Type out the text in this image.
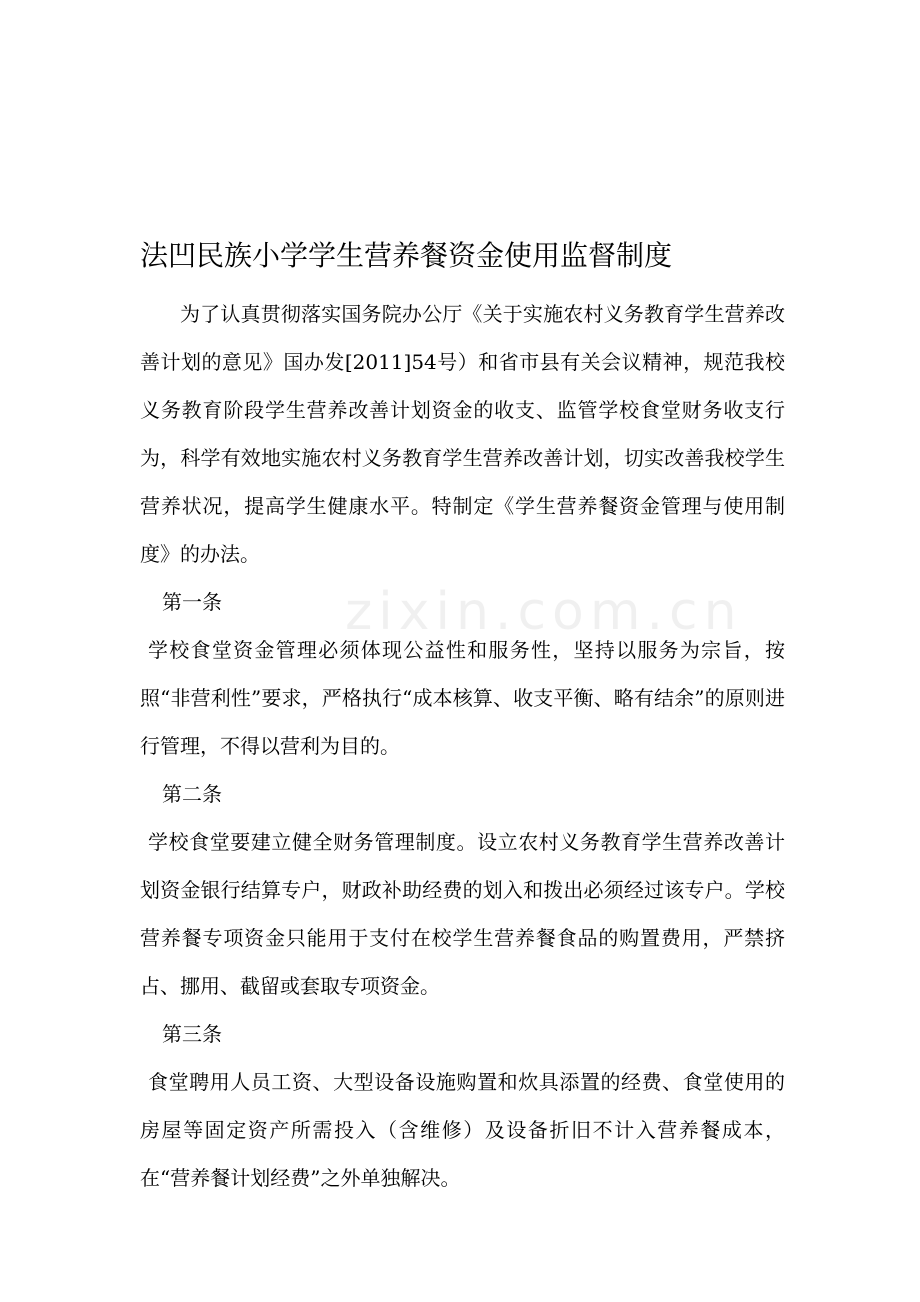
zixin.com.cn
法凹民族小学学生营养餐资金使用监督制度

为了认真贯彻落实国务院办公厅《关于实施农村义务教育学生营养改善计划的意见》国办发[2011]54号）和省市县有关会议精神，规范我校义务教育阶段学生营养改善计划资金的收支、监管学校食堂财务收支行为，科学有效地实施农村义务教育学生营养改善计划，切实改善我校学生营养状况，提高学生健康水平。特制定《学生营养餐资金管理与使用制度》的办法。

第一条

学校食堂资金管理必须体现公益性和服务性，坚持以服务为宗旨，按照“非营利性”要求，严格执行“成本核算、收支平衡、略有结余”的原则进行管理，不得以营利为目的。

第二条

学校食堂要建立健全财务管理制度。设立农村义务教育学生营养改善计划资金银行结算专户，财政补助经费的划入和拨出必须经过该专户。学校营养餐专项资金只能用于支付在校学生营养餐食品的购置费用，严禁挤占、挪用、截留或套取专项资金。

第三条

食堂聘用人员工资、大型设备设施购置和炊具添置的经费、食堂使用的房屋等固定资产所需投入（含维修）及设备折旧不计入营养餐成本，在“营养餐计划经费”之外单独解决。
